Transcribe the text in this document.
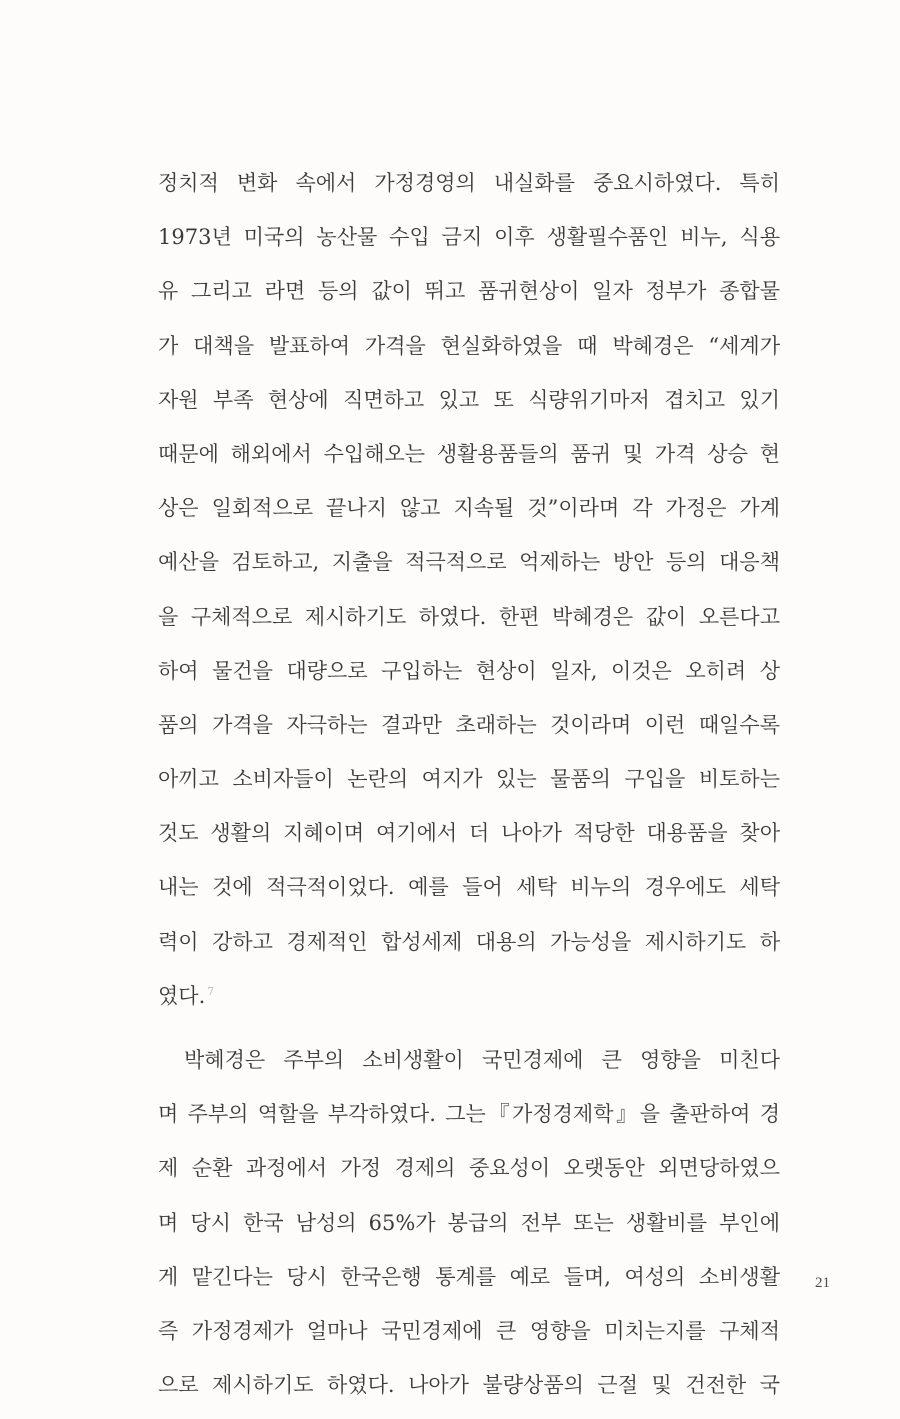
정치적 변화 속에서 가정경영의 내실화를 중요시하였다. 특히
1973년 미국의 농산물 수입 금지 이후 생활필수품인 비누, 식용
유 그리고 라면 등의 값이 뛰고 품귀현상이 일자 정부가 종합물
가 대책을 발표하여 가격을 현실화하였을 때 박혜경은 “세계가
자원 부족 현상에 직면하고 있고 또 식량위기마저 겹치고 있기
때문에 해외에서 수입해오는 생활용품들의 품귀 및 가격 상승 현
상은 일회적으로 끝나지 않고 지속될 것”이라며 각 가정은 가계
예산을 검토하고, 지출을 적극적으로 억제하는 방안 등의 대응책
을 구체적으로 제시하기도 하였다. 한편 박혜경은 값이 오른다고
하여 물건을 대량으로 구입하는 현상이 일자, 이것은 오히려 상
품의 가격을 자극하는 결과만 초래하는 것이라며 이런 때일수록
아끼고 소비자들이 논란의 여지가 있는 물품의 구입을 비토하는
것도 생활의 지혜이며 여기에서 더 나아가 적당한 대용품을 찾아
내는 것에 적극적이었다. 예를 들어 세탁 비누의 경우에도 세탁
력이 강하고 경제적인 합성세제 대용의 가능성을 제시하기도 하
였다. $^7$
박혜경은 주부의 소비생활이 국민경제에 큰 영향을 미친다
며 주부의 역할을 부각하였다. 그는『가정경제학』을 출판하여 경
제 순환 과정에서 가정 경제의 중요성이 오랫동안 외면당하였으
며 당시 한국 남성의 65%가 봉급의 전부 또는 생활비를 부인에
게 맡긴다는 당시 한국은행 통계를 예로 들며, 여성의 소비생활
즉 가정경제가 얼마나 국민경제에 큰 영향을 미치는지를 구체적
으로 제시하기도 하였다. 나아가 불량상품의 근절 및 건전한 국
21
